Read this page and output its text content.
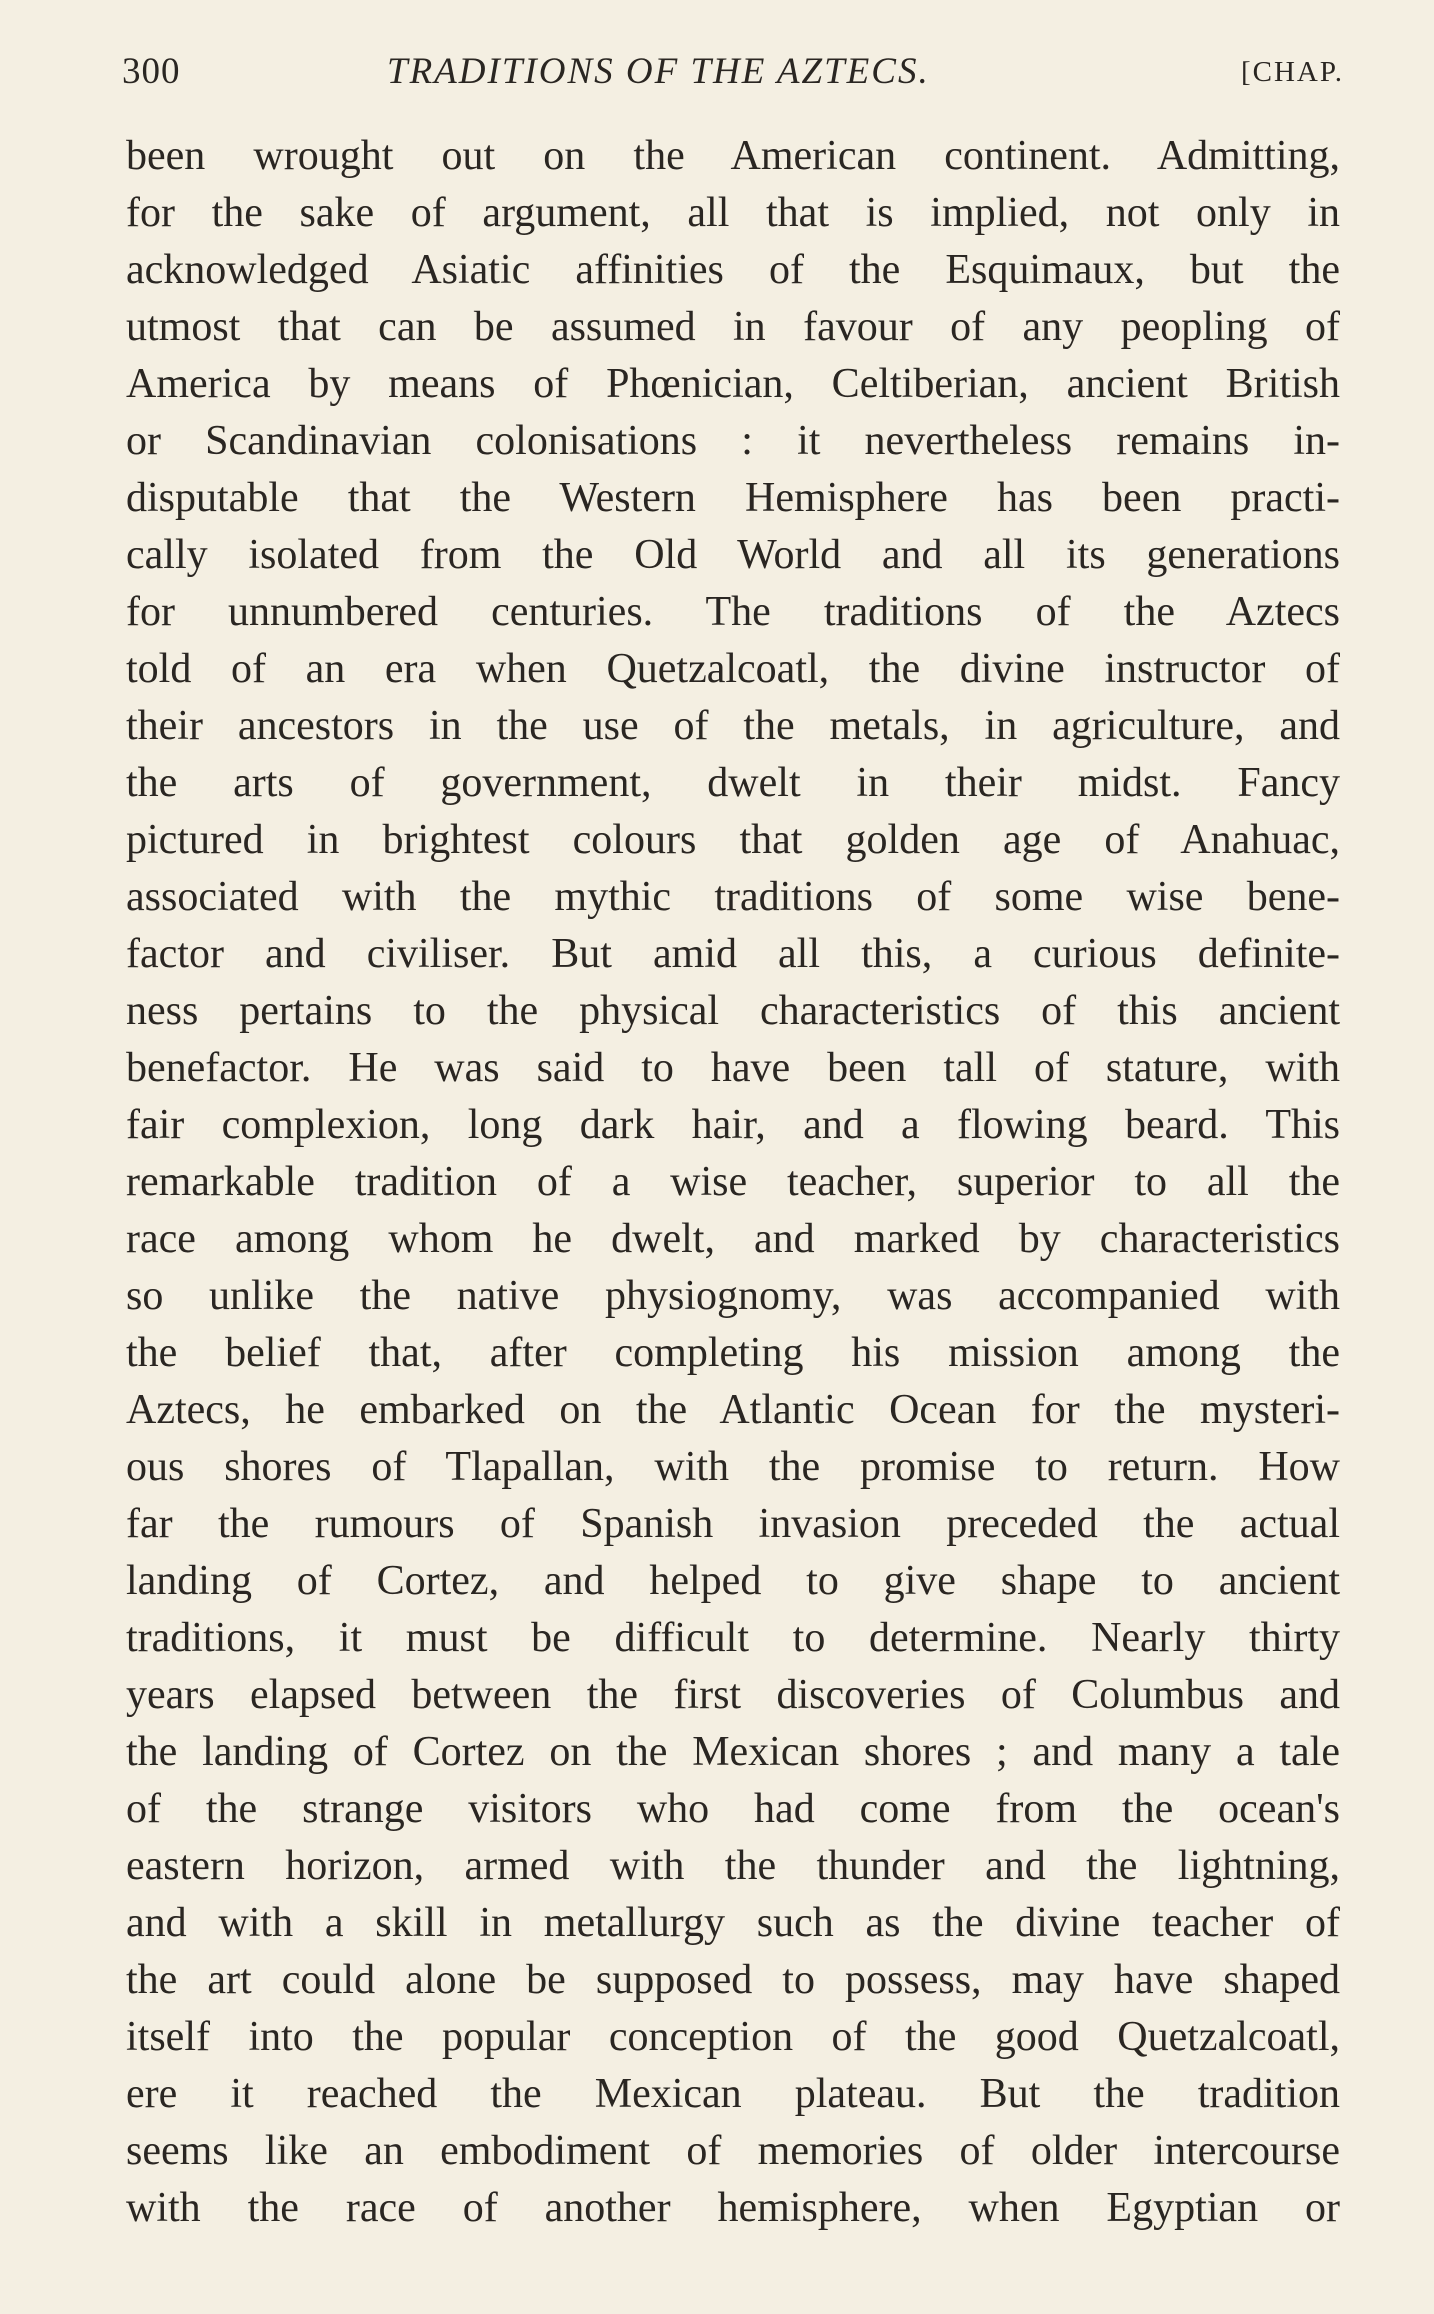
300	TRADITIONS OF THE AZTECS.	[CHAP.
been wrought out on the American continent. Admitting,
for the sake of argument, all that is implied, not only in
acknowledged Asiatic affinities of the Esquimaux, but the
utmost that can be assumed in favour of any peopling of
America by means of Phœnician, Celtiberian, ancient British
or Scandinavian colonisations : it nevertheless remains in-
disputable that the Western Hemisphere has been practi-
cally isolated from the Old World and all its generations
for unnumbered centuries. The traditions of the Aztecs
told of an era when Quetzalcoatl, the divine instructor of
their ancestors in the use of the metals, in agriculture, and
the arts of government, dwelt in their midst. Fancy
pictured in brightest colours that golden age of Anahuac,
associated with the mythic traditions of some wise bene-
factor and civiliser. But amid all this, a curious definite-
ness pertains to the physical characteristics of this ancient
benefactor. He was said to have been tall of stature, with
fair complexion, long dark hair, and a flowing beard. This
remarkable tradition of a wise teacher, superior to all the
race among whom he dwelt, and marked by characteristics
so unlike the native physiognomy, was accompanied with
the belief that, after completing his mission among the
Aztecs, he embarked on the Atlantic Ocean for the mysteri-
ous shores of Tlapallan, with the promise to return. How
far the rumours of Spanish invasion preceded the actual
landing of Cortez, and helped to give shape to ancient
traditions, it must be difficult to determine. Nearly thirty
years elapsed between the first discoveries of Columbus and
the landing of Cortez on the Mexican shores ; and many a tale
of the strange visitors who had come from the ocean's
eastern horizon, armed with the thunder and the lightning,
and with a skill in metallurgy such as the divine teacher of
the art could alone be supposed to possess, may have shaped
itself into the popular conception of the good Quetzalcoatl,
ere it reached the Mexican plateau. But the tradition
seems like an embodiment of memories of older intercourse
with the race of another hemisphere, when Egyptian or
